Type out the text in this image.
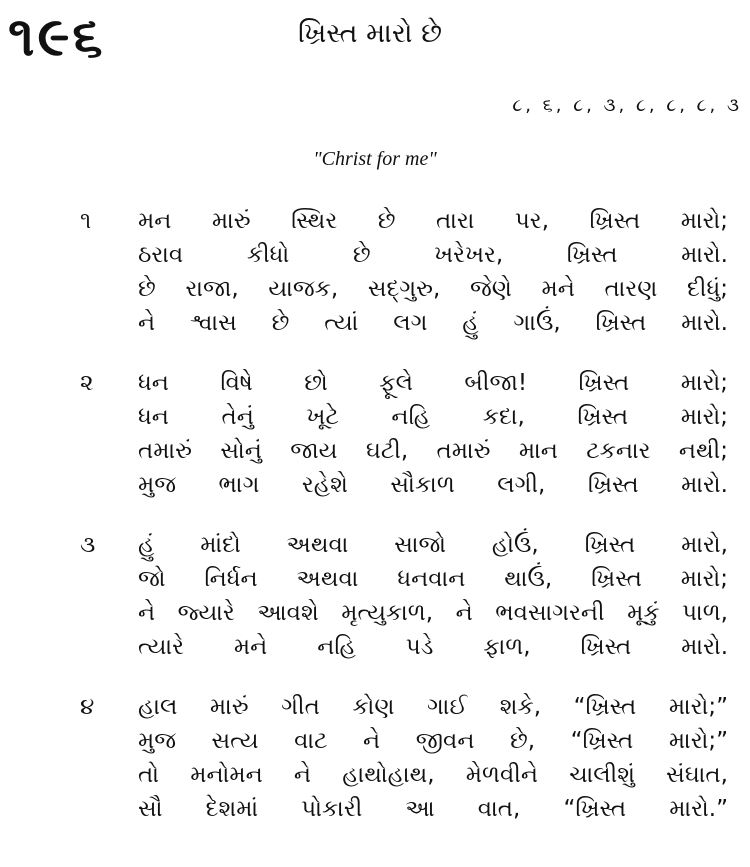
૧૯૬	ખ્રિસ્ત મારો છે
૮, ૬, ૮, ૩, ૮, ૮, ૮, ૩
"Christ for me"
૧ મન મારું સ્થિર છે તારા પર, ખ્રિસ્ત મારો;
ઠરાવ કીધો છે ખરેખર, ખ્રિસ્ત મારો.
છે રાજા, યાજક, સદ્‌ગુરુ, જેણે મને તારણ દીધું;
ને શ્વાસ છે ત્યાં લગ હું ગાઉં, ખ્રિસ્ત મારો.
૨ ધન વિષે છો ફૂલે બીજા! ખ્રિસ્ત મારો;
ધન તેનું ખૂટે નહિ કદા, ખ્રિસ્ત મારો;
તમારું સોનું જાય ઘટી, તમારું માન ટકનાર નથી;
મુજ ભાગ રહેશે સૌકાળ લગી, ખ્રિસ્ત મારો.
૩ હું માંદો અથવા સાજો હોઉં, ખ્રિસ્ત મારો,
જો નિર્ધન અથવા ધનવાન થાઉં, ખ્રિસ્ત મારો;
ને જ્યારે આવશે મૃત્યુકાળ, ને ભવસાગરની મૂકું પાળ,
ત્યારે મને નહિ પડે ફાળ, ખ્રિસ્ત મારો.
૪ હાલ મારું ગીત કોણ ગાઈ શકે, “ખ્રિસ્ત મારો;”
મુજ સત્ય વાટ ને જીવન છે, “ખ્રિસ્ત મારો;”
તો મનોમન ને હાથોહાથ, મેળવીને ચાલીશું સંઘાત,
સૌ દેશમાં પોકારી આ વાત, “ખ્રિસ્ત મારો.”
